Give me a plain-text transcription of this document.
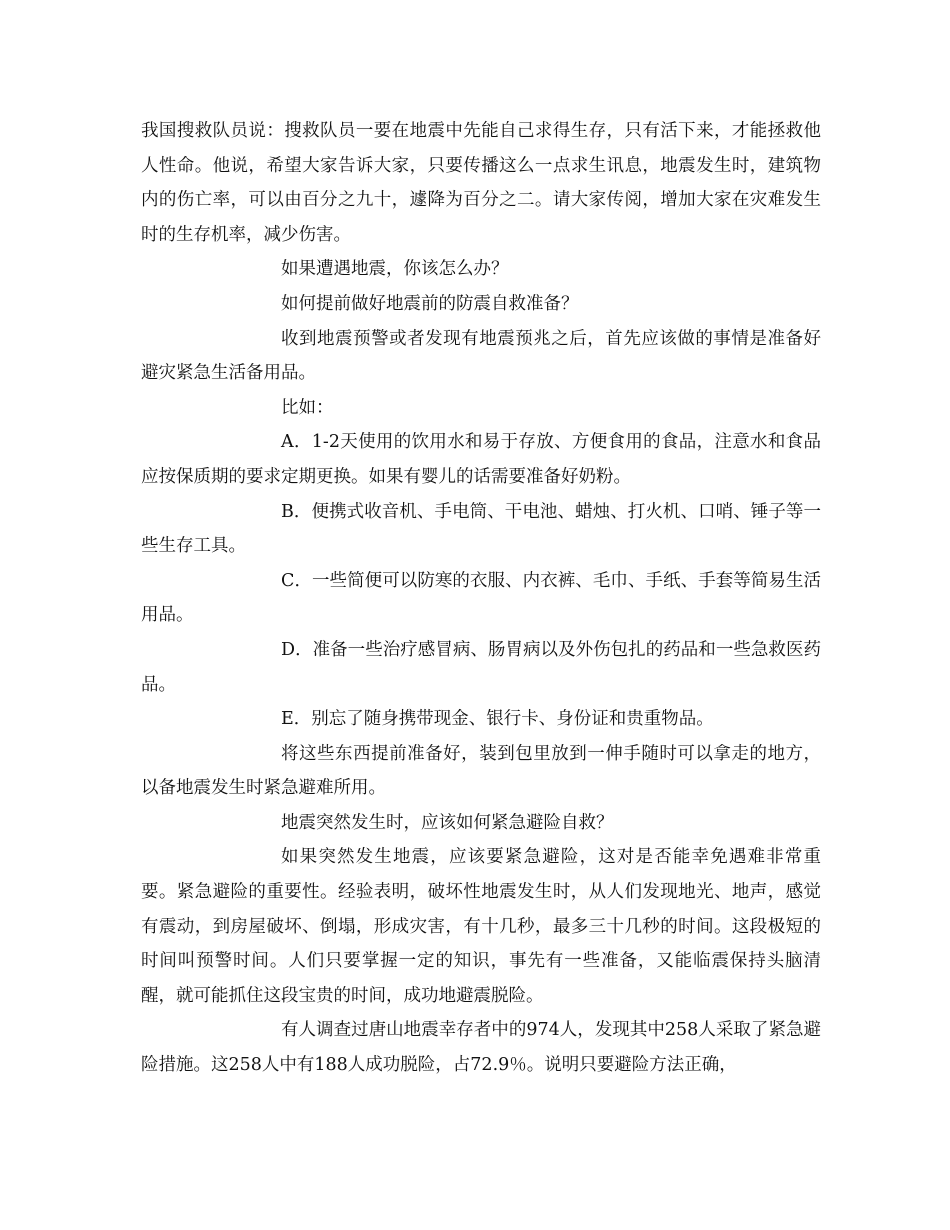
我国搜救队员说：搜救队员一要在地震中先能自己求得生存，只有活下来，才能拯救他人性命。他说，希望大家告诉大家，只要传播这么一点求生讯息，地震发生时，建筑物内的伤亡率，可以由百分之九十，遽降为百分之二。请大家传阅，增加大家在灾难发生时的生存机率，减少伤害。

如果遭遇地震，你该怎么办？

如何提前做好地震前的防震自救准备？

收到地震预警或者发现有地震预兆之后，首先应该做的事情是准备好避灾紧急生活备用品。

比如：

A．1-2天使用的饮用水和易于存放、方便食用的食品，注意水和食品应按保质期的要求定期更换。如果有婴儿的话需要准备好奶粉。

B．便携式收音机、手电筒、干电池、蜡烛、打火机、口哨、锤子等一些生存工具。

C．一些简便可以防寒的衣服、内衣裤、毛巾、手纸、手套等简易生活用品。

D．准备一些治疗感冒病、肠胃病以及外伤包扎的药品和一些急救医药品。

E．别忘了随身携带现金、银行卡、身份证和贵重物品。

将这些东西提前准备好，装到包里放到一伸手随时可以拿走的地方，以备地震发生时紧急避难所用。

地震突然发生时，应该如何紧急避险自救？

如果突然发生地震，应该要紧急避险，这对是否能幸免遇难非常重要。紧急避险的重要性。经验表明，破坏性地震发生时，从人们发现地光、地声，感觉有震动，到房屋破坏、倒塌，形成灾害，有十几秒，最多三十几秒的时间。这段极短的时间叫预警时间。人们只要掌握一定的知识，事先有一些准备，又能临震保持头脑清醒，就可能抓住这段宝贵的时间，成功地避震脱险。

有人调查过唐山地震幸存者中的974人，发现其中258人采取了紧急避险措施。这258人中有188人成功脱险，占72.9％。说明只要避险方法正确，
